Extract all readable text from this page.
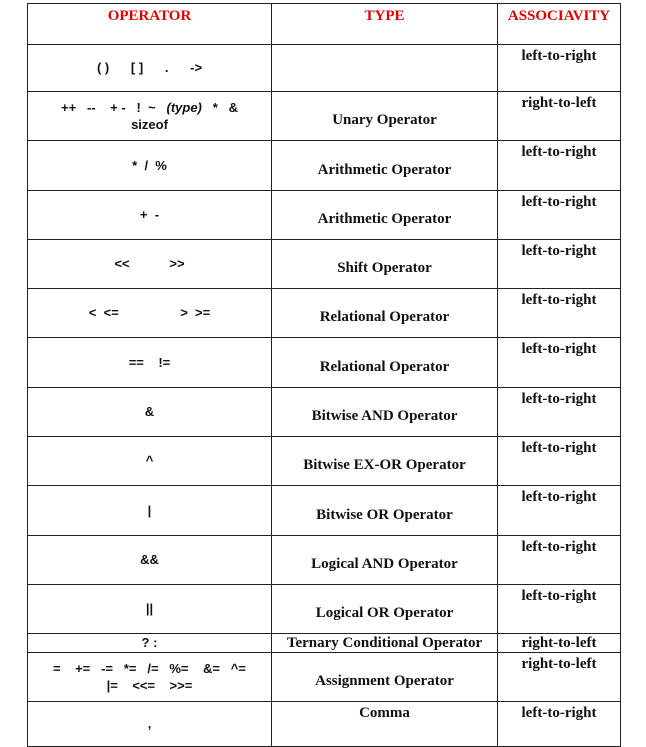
OPERATOR	TYPE	ASSOCIAVITY
( )      [ ]      .      ->		left-to-right
++   --    + -   !  ~   (type)   *   &
sizeof	Unary Operator	right-to-left
*  /  %	Arithmetic Operator	left-to-right
+  -	Arithmetic Operator	left-to-right
<<           >>	Shift Operator	left-to-right
<  <=                 >  >=	Relational Operator	left-to-right
==    !=	Relational Operator	left-to-right
&	Bitwise AND Operator	left-to-right
^	Bitwise EX-OR Operator	left-to-right
|	Bitwise OR Operator	left-to-right
&&	Logical AND Operator	left-to-right
||	Logical OR Operator	left-to-right
? :	Ternary Conditional Operator	right-to-left
=    +=   -=   *=   /=   %=    &=   ^=
|=    <<=    >>=	Assignment Operator	right-to-left
,	Comma	left-to-right
